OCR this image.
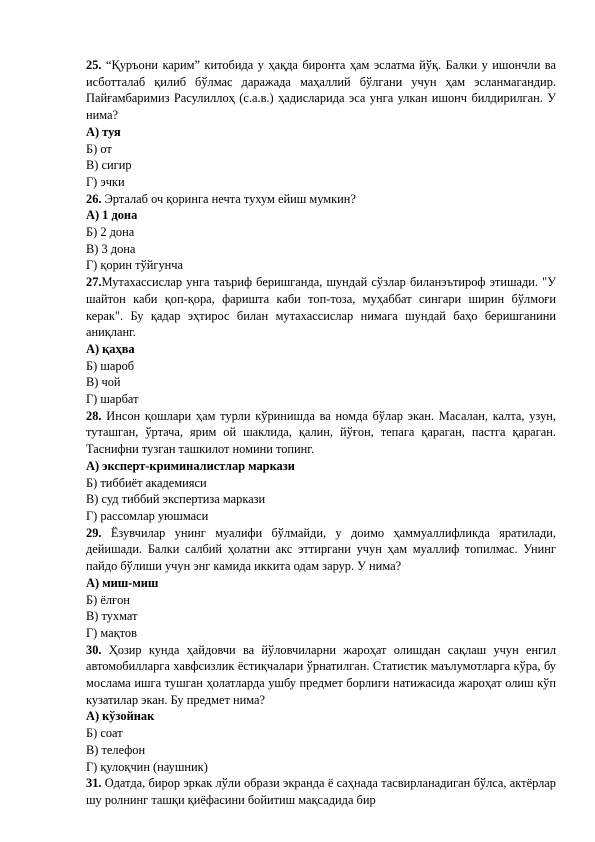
25. “Қуръони карим” китобида у ҳақда биронта ҳам эслатма йўқ. Балки у ишончли ва исботталаб қилиб бўлмас даражада маҳаллий бўлгани учун ҳам эсланмагандир. Пайғамбаримиз Расулиллоҳ (с.а.в.) ҳадисларида эса унга улкан ишонч билдирилган. У нима?

А) туя

Б) от

В) сигир

Г) эчки

26. Эрталаб оч қоринга нечта тухум ейиш мумкин?

А) 1 дона

Б) 2 дона

В) 3 дона

Г) қорин тўйгунча

27.Мутахассислар унга таъриф беришганда, шундай сўзлар биланэътироф этишади. "У шайтон каби қоп-қора, фаришта каби топ-тоза, муҳаббат сингари ширин бўлмоғи керак". Бу қадар эҳтирос билан мутахассислар нимага шундай баҳо беришганини аниқланг.

А) қаҳва

Б) шароб

В) чой

Г) шарбат

28. Инсон қошлари ҳам турли кўринишда ва номда бўлар экан. Масалан, калта, узун, туташган, ўртача, ярим ой шаклида, қалин, йўғон, тепага қараган, пастга қараган. Таснифни тузган ташкилот номини топинг.

А) эксперт-криминалистлар маркази

Б) тиббиёт академияси

В) суд тиббий экспертиза маркази

Г) рассомлар уюшмаси

29. Ёзувчилар унинг муалифи бўлмайди, у доимо ҳаммуаллифликда яратилади, дейишади. Балки салбий ҳолатни акс эттиргани учун ҳам муаллиф топилмас. Унинг пайдо бўлиши учун энг камида иккита одам зарур. У нима?

А) миш-миш

Б) ёлғон

В) тухмат

Г) мақтов

30. Ҳозир кунда ҳайдовчи ва йўловчиларни жароҳат олишдан сақлаш учун енгил автомобилларга хавфсизлик ёстиқчалари ўрнатилган. Статистик маълумотларга кўра, бу мослама ишга тушган ҳолатларда ушбу предмет борлиги натижасида жароҳат олиш кўп кузатилар экан. Бу предмет нима?

А) кўзойнак

Б) соат

В) телефон

Г) қулоқчин (наушник)

31. Одатда, бирор эркак лўли образи экранда ё саҳнада тасвирланадиган бўлса, актёрлар шу ролнинг ташқи қиёфасини бойитиш мақсадида бир
